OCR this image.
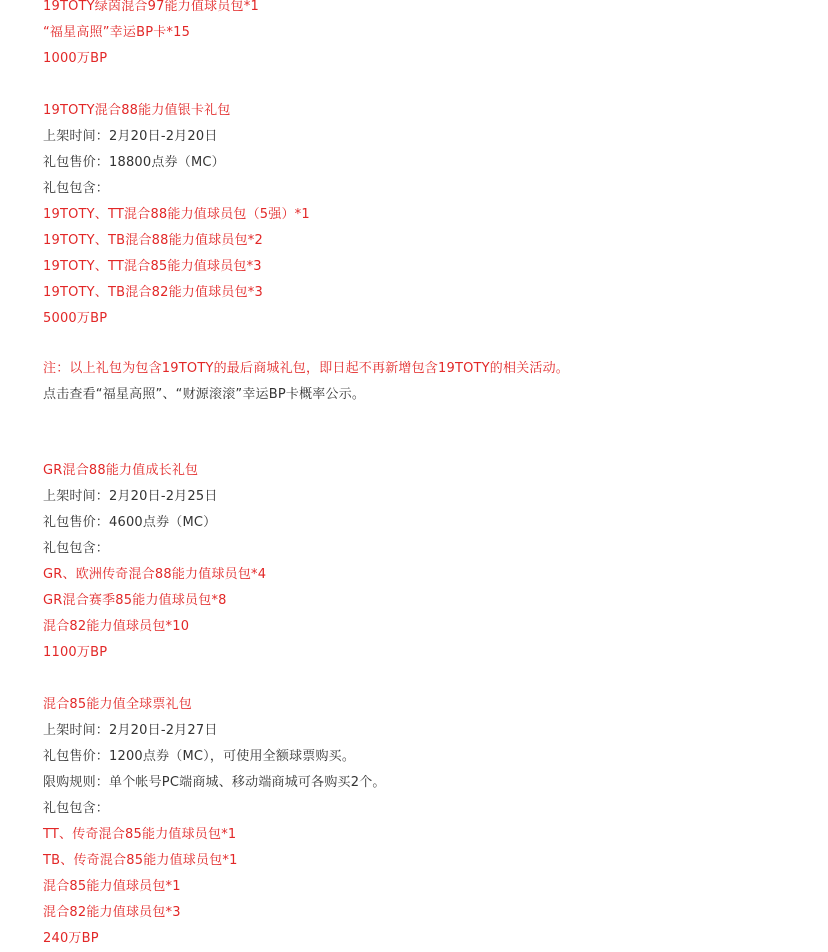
19TOTY绿茵混合97能力值球员包*1
“福星高照”幸运BP卡*15
1000万BP
19TOTY混合88能力值银卡礼包
上架时间：2月20日-2月20日
礼包售价：18800点券（MC）
礼包包含：
19TOTY、TT混合88能力值球员包（5强）*1
19TOTY、TB混合88能力值球员包*2
19TOTY、TT混合85能力值球员包*3
19TOTY、TB混合82能力值球员包*3
5000万BP
注：以上礼包为包含19TOTY的最后商城礼包，即日起不再新增包含19TOTY的相关活动。
点击查看“福星高照”、“财源滚滚”幸运BP卡概率公示。
GR混合88能力值成长礼包
上架时间：2月20日-2月25日
礼包售价：4600点券（MC）
礼包包含：
GR、欧洲传奇混合88能力值球员包*4
GR混合赛季85能力值球员包*8
混合82能力值球员包*10
1100万BP
混合85能力值全球票礼包
上架时间：2月20日-2月27日
礼包售价：1200点券（MC），可使用全额球票购买。
限购规则：单个帐号PC端商城、移动端商城可各购买2个。
礼包包含：
TT、传奇混合85能力值球员包*1
TB、传奇混合85能力值球员包*1
混合85能力值球员包*1
混合82能力值球员包*3
240万BP
